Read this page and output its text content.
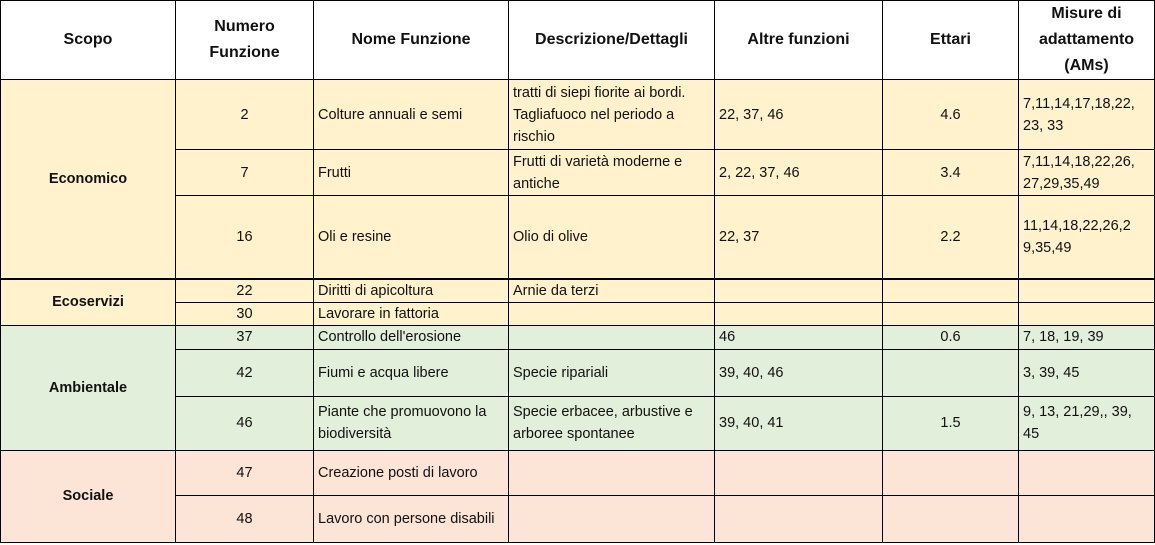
Scopo	Numero Funzione	Nome Funzione	Descrizione/Dettagli	Altre funzioni	Ettari	Misure di adattamento (AMs)
Economico	2	Colture annuali e semi	tratti di siepi fiorite ai bordi. Tagliafuoco nel periodo a rischio	22, 37, 46	4.6	7,11,14,17,18,22, 23, 33
	7	Frutti	Frutti di varietà moderne e antiche	2, 22, 37, 46	3.4	7,11,14,18,22,26, 27,29,35,49
	16	Oli e resine	Olio di olive	22, 37	2.2	11,14,18,22,26,2 9,35,49
Ecoservizi	22	Diritti di apicoltura	Arnie da terzi			
	30	Lavorare in fattoria				
Ambientale	37	Controllo dell'erosione		46	0.6	7, 18, 19, 39
	42	Fiumi e acqua libere	Specie ripariali	39, 40, 46		3, 39, 45
	46	Piante che promuovono la biodiversità	Specie erbacee, arbustive e arboree spontanee	39, 40, 41	1.5	9, 13, 21,29,, 39, 45
Sociale	47	Creazione posti di lavoro				
	48	Lavoro con persone disabili				
